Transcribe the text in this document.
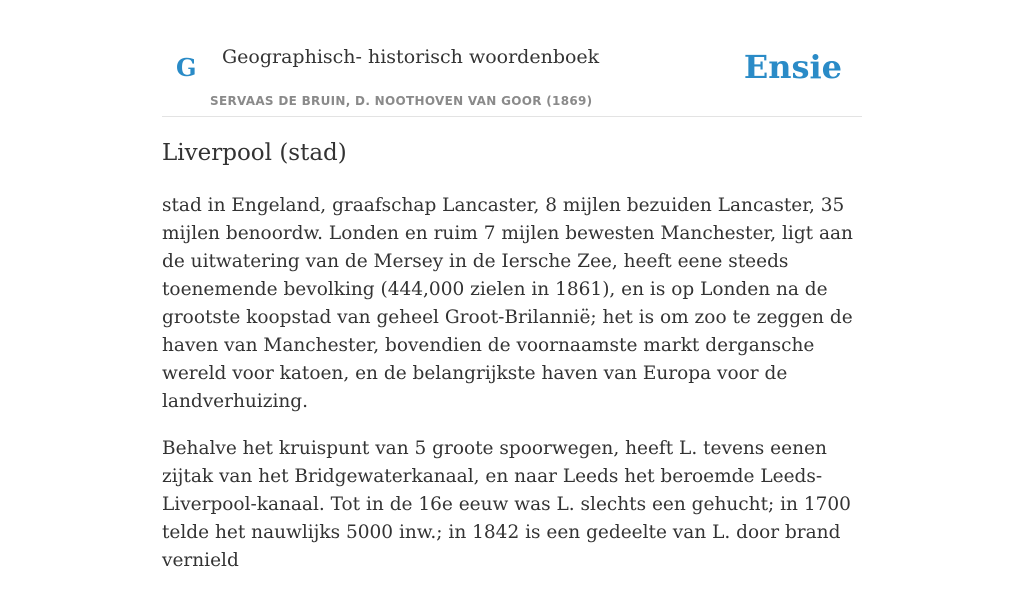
G Geographisch- historisch woordenboek
SERVAAS DE BRUIN, D. NOOTHOVEN VAN GOOR (1869)
Ensie
Liverpool (stad)

stad in Engeland, graafschap Lancaster, 8 mijlen bezuiden Lancaster, 35 mijlen benoordw. Londen en ruim 7 mijlen bewesten Manchester, ligt aan de uitwatering van de Mersey in de Iersche Zee, heeft eene steeds toenemende bevolking (444,000 zielen in 1861), en is op Londen na de grootste koopstad van geheel Groot-Brilannië; het is om zoo te zeggen de haven van Manchester, bovendien de voornaamste markt dergansche wereld voor katoen, en de belangrijkste haven van Europa voor de landverhuizing.

Behalve het kruispunt van 5 groote spoorwegen, heeft L. tevens eenen zijtak van het Bridgewaterkanaal, en naar Leeds het beroemde Leeds-Liverpool-kanaal. Tot in de 16e eeuw was L. slechts een gehucht; in 1700 telde het nauwlijks 5000 inw.; in 1842 is een gedeelte van L. door brand vernield
